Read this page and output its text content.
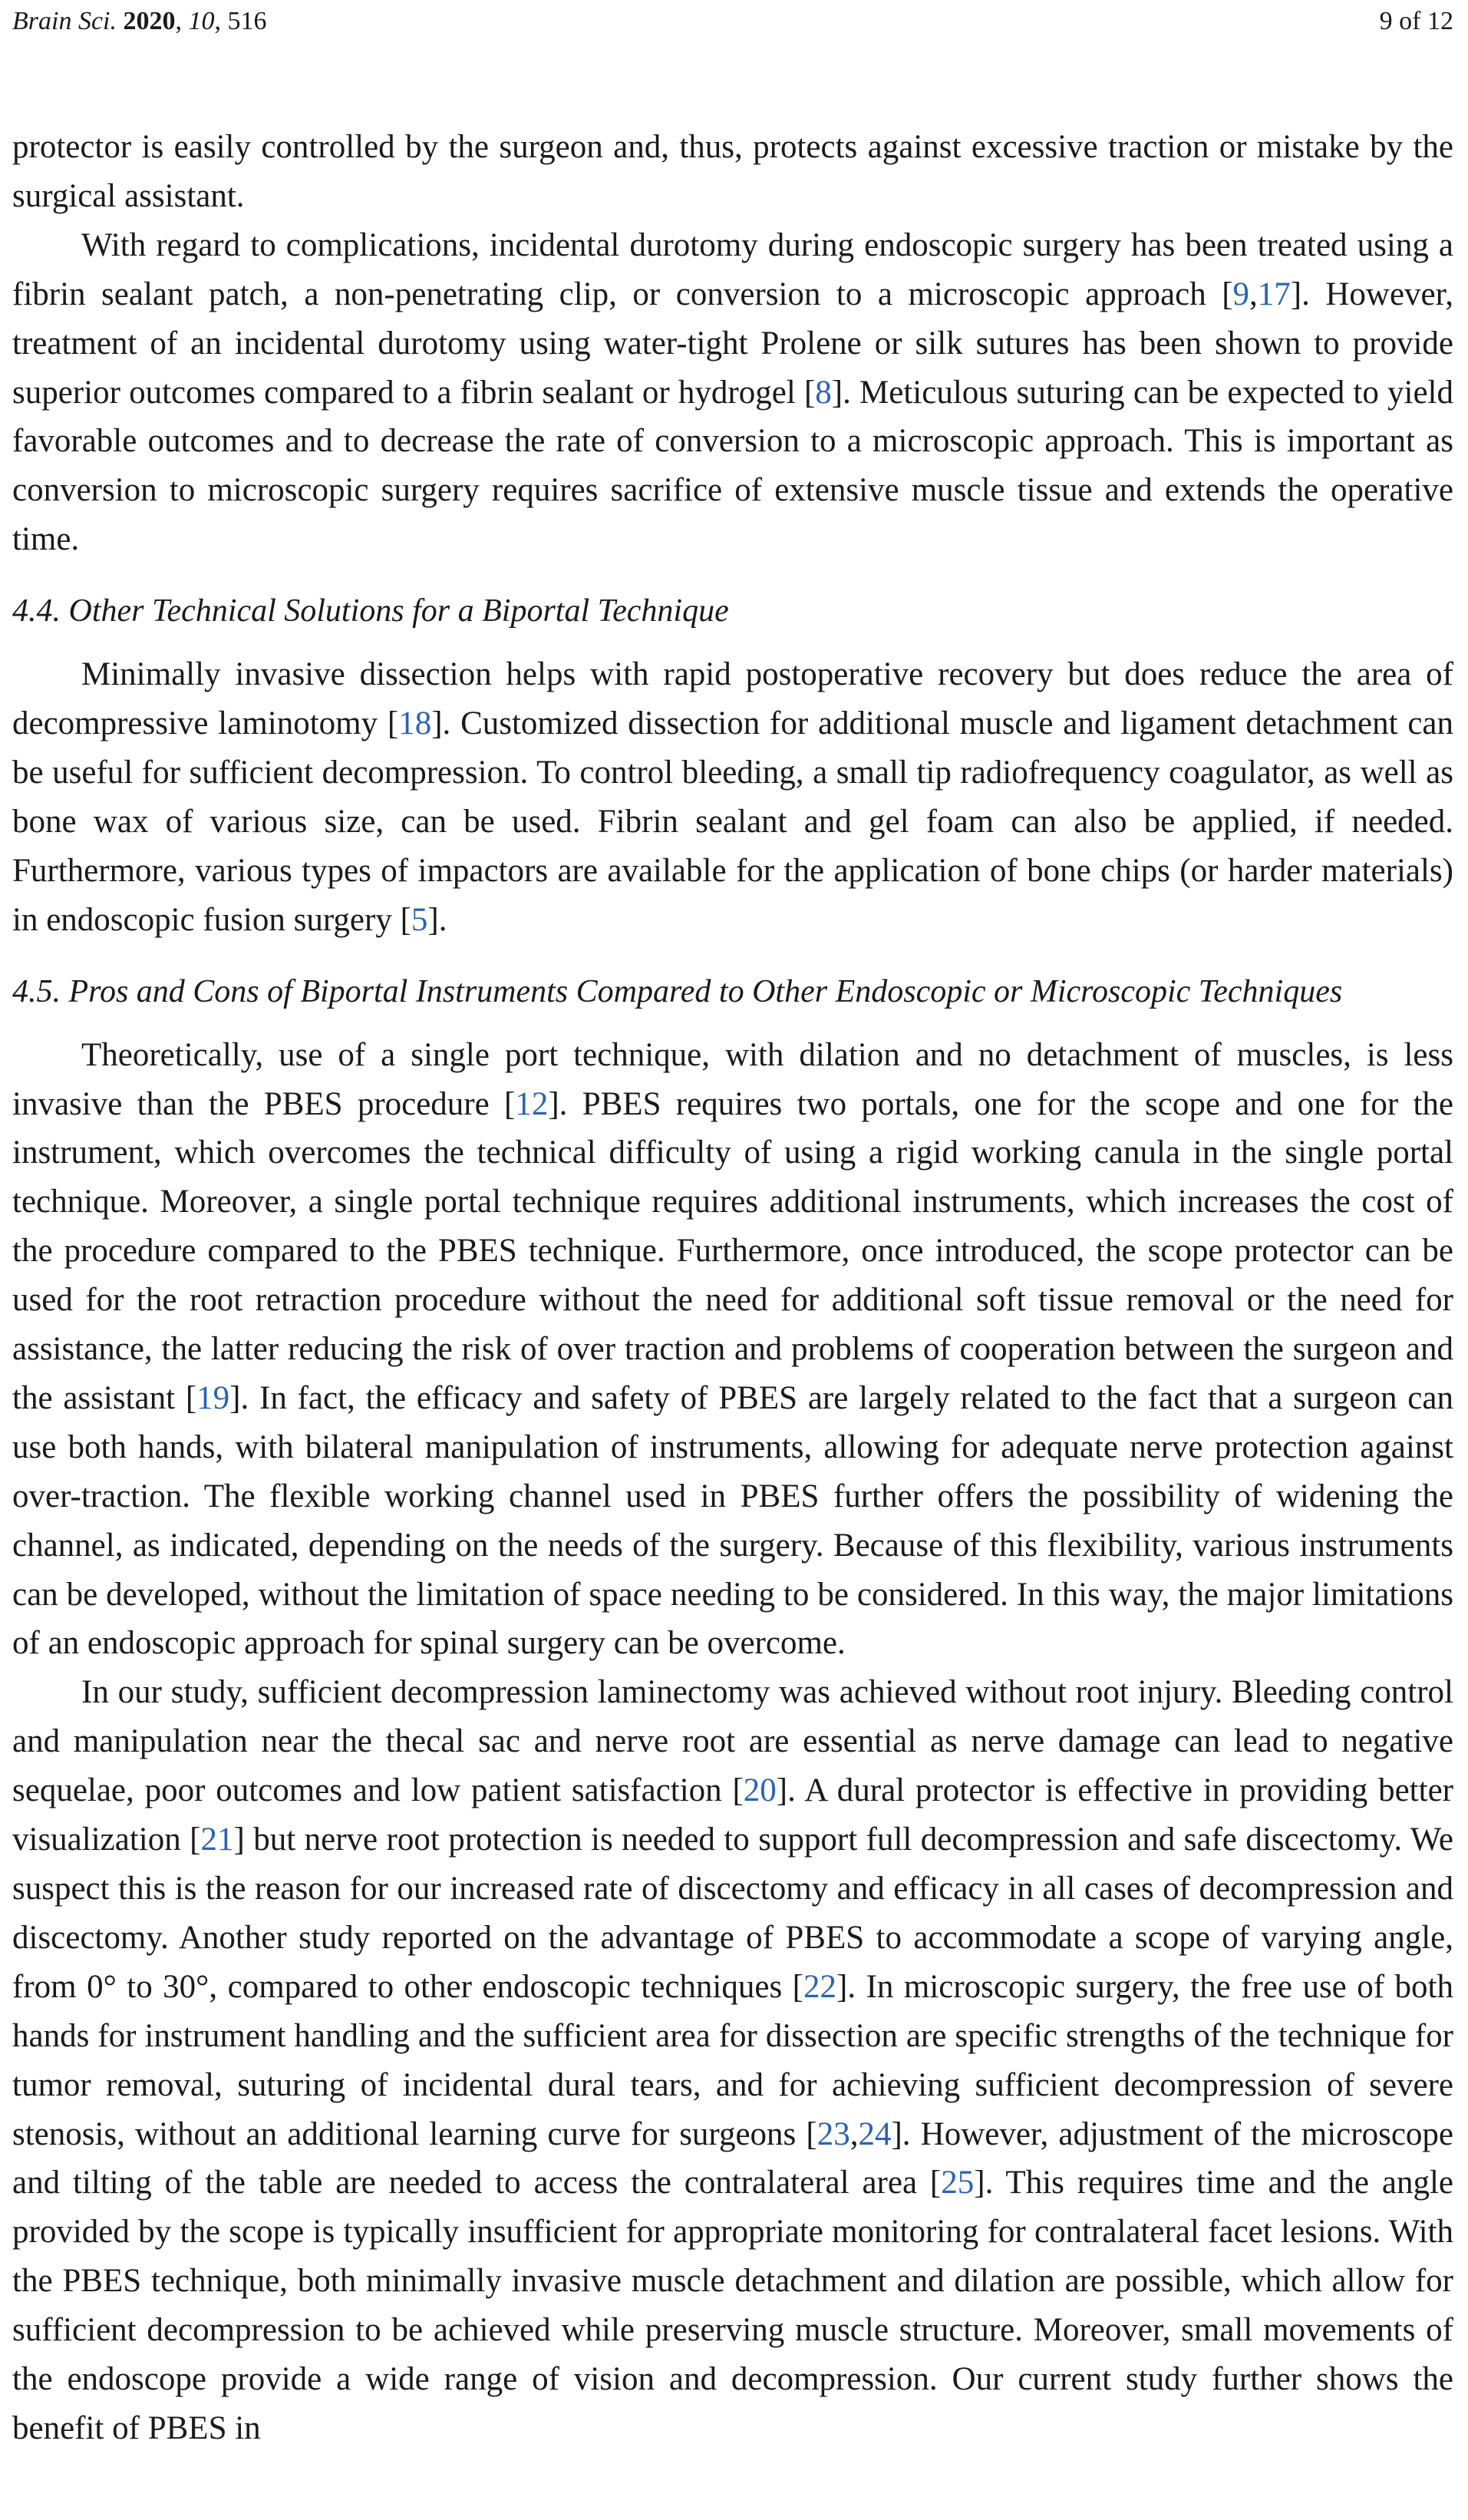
Brain Sci. 2020, 10, 516	9 of 12

protector is easily controlled by the surgeon and, thus, protects against excessive traction or mistake by the surgical assistant.

With regard to complications, incidental durotomy during endoscopic surgery has been treated using a fibrin sealant patch, a non-penetrating clip, or conversion to a microscopic approach [9,17]. However, treatment of an incidental durotomy using water-tight Prolene or silk sutures has been shown to provide superior outcomes compared to a fibrin sealant or hydrogel [8]. Meticulous suturing can be expected to yield favorable outcomes and to decrease the rate of conversion to a microscopic approach. This is important as conversion to microscopic surgery requires sacrifice of extensive muscle tissue and extends the operative time.

4.4. Other Technical Solutions for a Biportal Technique

Minimally invasive dissection helps with rapid postoperative recovery but does reduce the area of decompressive laminotomy [18]. Customized dissection for additional muscle and ligament detachment can be useful for sufficient decompression. To control bleeding, a small tip radiofrequency coagulator, as well as bone wax of various size, can be used. Fibrin sealant and gel foam can also be applied, if needed. Furthermore, various types of impactors are available for the application of bone chips (or harder materials) in endoscopic fusion surgery [5].

4.5. Pros and Cons of Biportal Instruments Compared to Other Endoscopic or Microscopic Techniques

Theoretically, use of a single port technique, with dilation and no detachment of muscles, is less invasive than the PBES procedure [12]. PBES requires two portals, one for the scope and one for the instrument, which overcomes the technical difficulty of using a rigid working canula in the single portal technique. Moreover, a single portal technique requires additional instruments, which increases the cost of the procedure compared to the PBES technique. Furthermore, once introduced, the scope protector can be used for the root retraction procedure without the need for additional soft tissue removal or the need for assistance, the latter reducing the risk of over traction and problems of cooperation between the surgeon and the assistant [19]. In fact, the efficacy and safety of PBES are largely related to the fact that a surgeon can use both hands, with bilateral manipulation of instruments, allowing for adequate nerve protection against over-traction. The flexible working channel used in PBES further offers the possibility of widening the channel, as indicated, depending on the needs of the surgery. Because of this flexibility, various instruments can be developed, without the limitation of space needing to be considered. In this way, the major limitations of an endoscopic approach for spinal surgery can be overcome.

In our study, sufficient decompression laminectomy was achieved without root injury. Bleeding control and manipulation near the thecal sac and nerve root are essential as nerve damage can lead to negative sequelae, poor outcomes and low patient satisfaction [20]. A dural protector is effective in providing better visualization [21] but nerve root protection is needed to support full decompression and safe discectomy. We suspect this is the reason for our increased rate of discectomy and efficacy in all cases of decompression and discectomy. Another study reported on the advantage of PBES to accommodate a scope of varying angle, from 0° to 30°, compared to other endoscopic techniques [22]. In microscopic surgery, the free use of both hands for instrument handling and the sufficient area for dissection are specific strengths of the technique for tumor removal, suturing of incidental dural tears, and for achieving sufficient decompression of severe stenosis, without an additional learning curve for surgeons [23,24]. However, adjustment of the microscope and tilting of the table are needed to access the contralateral area [25]. This requires time and the angle provided by the scope is typically insufficient for appropriate monitoring for contralateral facet lesions. With the PBES technique, both minimally invasive muscle detachment and dilation are possible, which allow for sufficient decompression to be achieved while preserving muscle structure. Moreover, small movements of the endoscope provide a wide range of vision and decompression. Our current study further shows the benefit of PBES in
